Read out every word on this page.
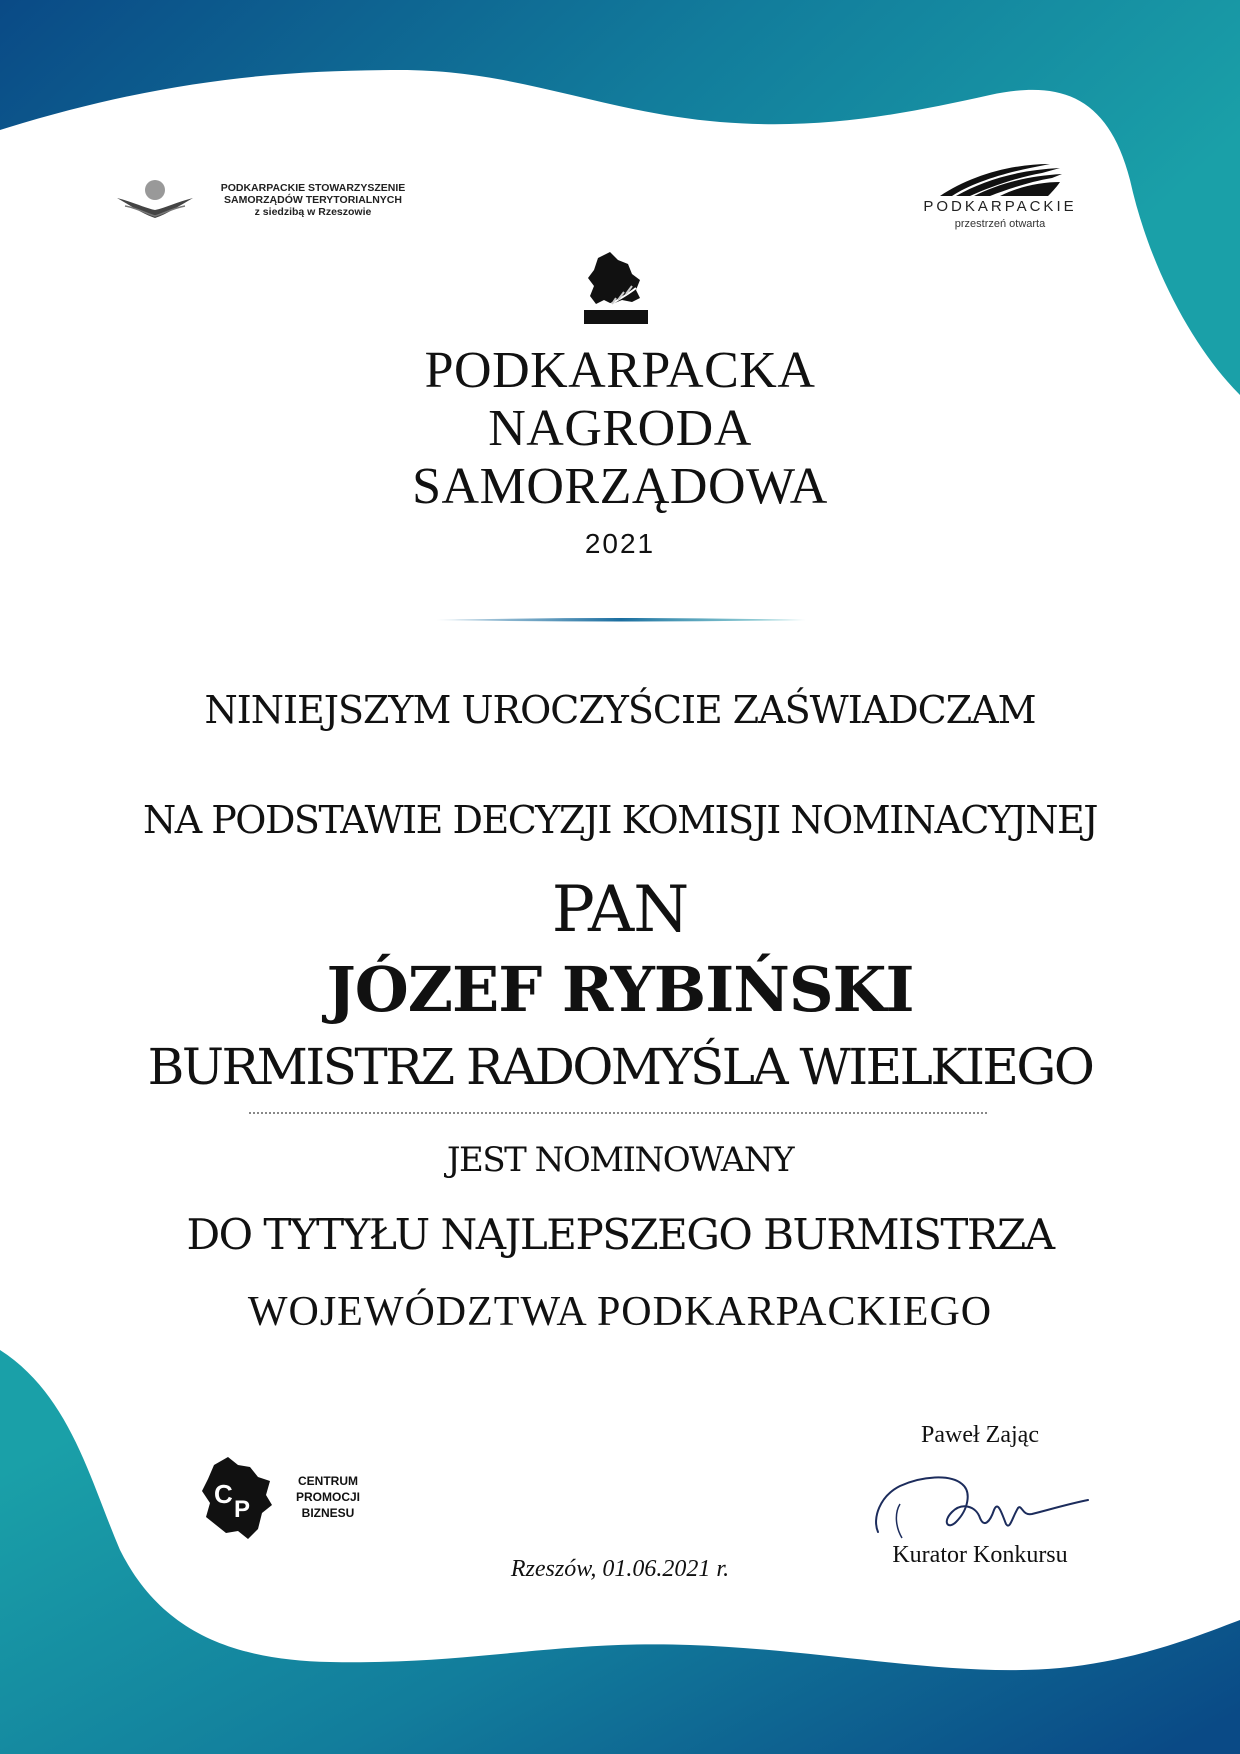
PODKARPACKIE STOWARZYSZENIE
SAMORZĄDÓW TERYTORIALNYCH
z siedzibą w Rzeszowie	PODKARPACKIE
przestrzeń otwarta
PODKARPACKA
NAGRODA
SAMORZĄDOWA
2021
NINIEJSZYM UROCZYŚCIE ZAŚWIADCZAM
NA PODSTAWIE DECYZJI KOMISJI NOMINACYJNEJ
PAN
JÓZEF RYBIŃSKI
BURMISTRZ RADOMYŚLA WIELKIEGO
JEST NOMINOWANY
DO TYTYŁU NAJLEPSZEGO BURMISTRZA
WOJEWÓDZTWA PODKARPACKIEGO
C
P
CENTRUM
PROMOCJI
BIZNESU
Rzeszów, 01.06.2021 r.
Paweł Zając
Kurator Konkursu
